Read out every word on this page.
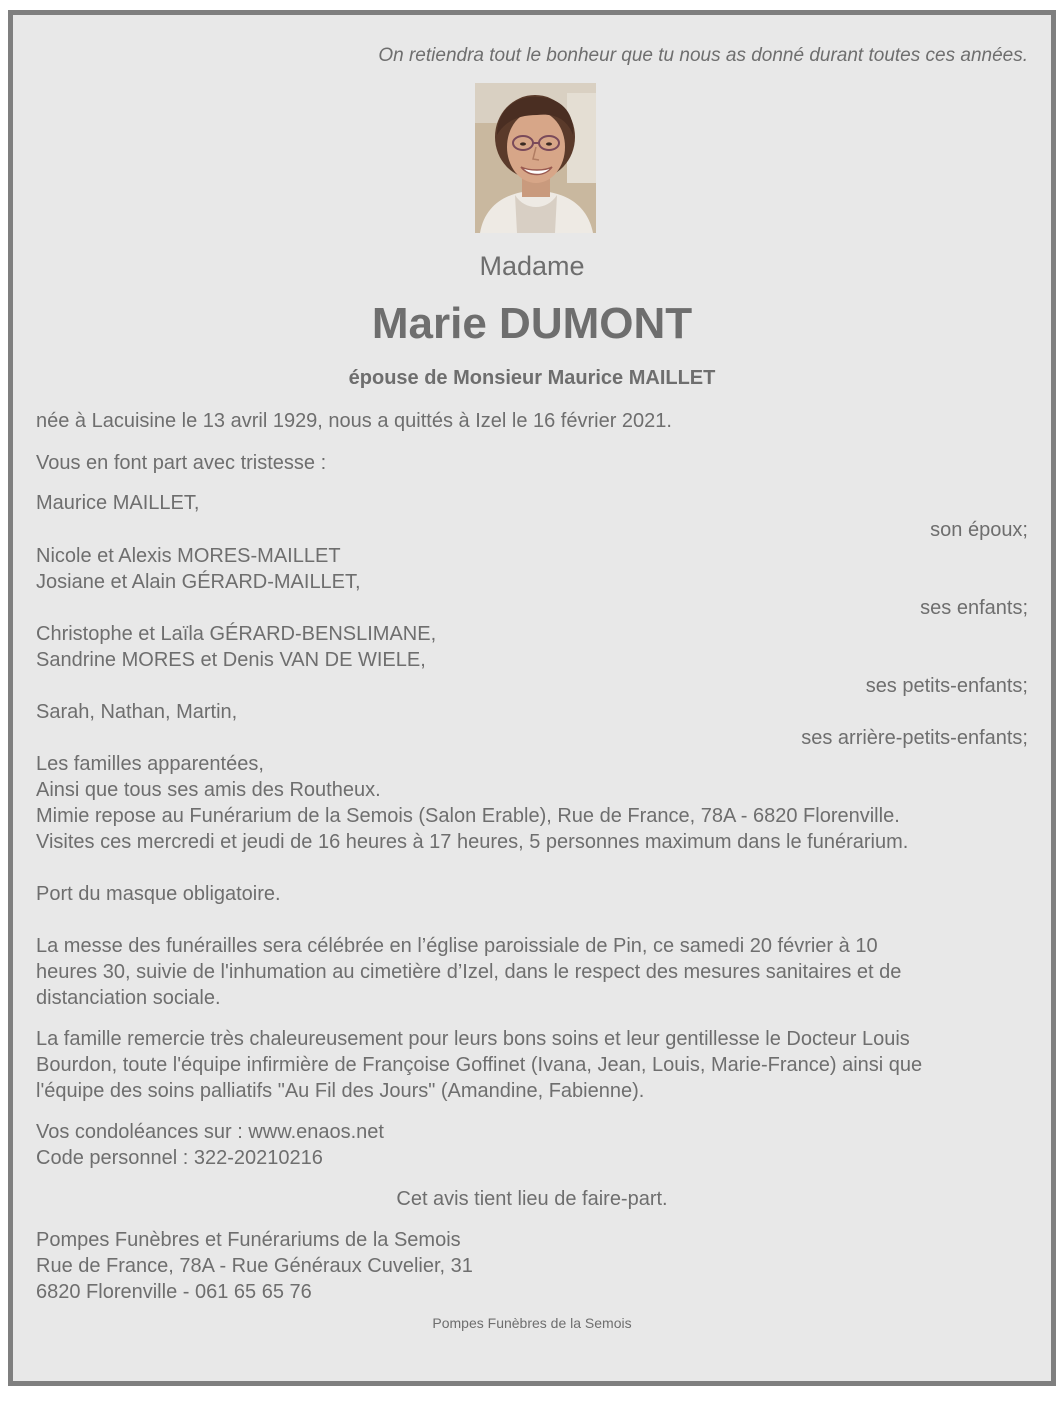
On retiendra tout le bonheur que tu nous as donné durant toutes ces années.
Madame
Marie DUMONT
épouse de Monsieur Maurice MAILLET
née à Lacuisine le 13 avril 1929, nous a quittés à Izel le 16 février 2021.
Vous en font part avec tristesse :
Maurice MAILLET,
son époux;
Nicole et Alexis MORES-MAILLET
Josiane et Alain GÉRARD-MAILLET,
ses enfants;
Christophe et Laïla GÉRARD-BENSLIMANE,
Sandrine MORES et Denis VAN DE WIELE,
ses petits-enfants;
Sarah, Nathan, Martin,
ses arrière-petits-enfants;
Les familles apparentées,
Ainsi que tous ses amis des Routheux.
Mimie repose au Funérarium de la Semois (Salon Erable), Rue de France, 78A - 6820 Florenville.
Visites ces mercredi et jeudi de 16 heures à 17 heures, 5 personnes maximum dans le funérarium.
Port du masque obligatoire.
La messe des funérailles sera célébrée en l’église paroissiale de Pin, ce samedi 20 février à 10
heures 30, suivie de l'inhumation au cimetière d’Izel, dans le respect des mesures sanitaires et de
distanciation sociale.
La famille remercie très chaleureusement pour leurs bons soins et leur gentillesse le Docteur Louis
Bourdon, toute l'équipe infirmière de Françoise Goffinet (Ivana, Jean, Louis, Marie-France) ainsi que
l'équipe des soins palliatifs "Au Fil des Jours" (Amandine, Fabienne).
Vos condoléances sur : www.enaos.net
Code personnel : 322-20210216
Cet avis tient lieu de faire-part.
Pompes Funèbres et Funérariums de la Semois
Rue de France, 78A - Rue Généraux Cuvelier, 31
6820 Florenville - 061 65 65 76
Pompes Funèbres de la Semois
